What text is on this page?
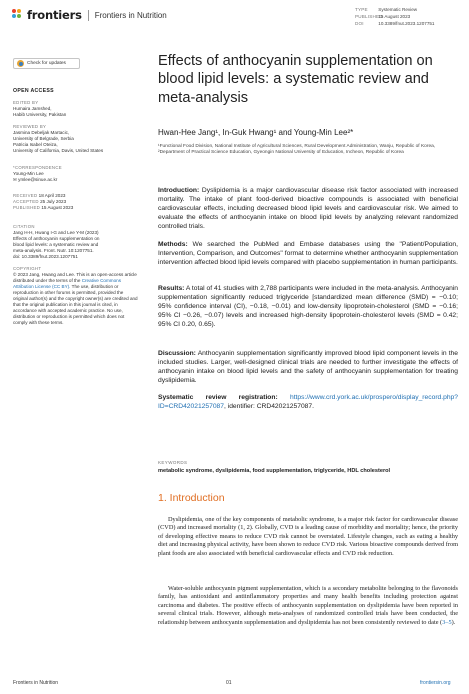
frontiers Frontiers in Nutrition
TYPE Systematic Review
PUBLISHED 15 August 2023
DOI	10.3389/fnut.2023.1207751
Check for updates
OPEN ACCESS
EDITED BY
Humaira Jamshed,
Habib University, Pakistan
REVIEWED BY
Jasmina Debeljak Martacic,
University of Belgrade, Serbia
Patricia Isabel Oteiza,
University of California, Davis, United States
*CORRESPONDENCE
Young-Min Lee
✉ ymlee@sinue.ac.kr
RECEIVED 18 April 2023
ACCEPTED 25 July 2023
PUBLISHED 15 August 2023
CITATION
Jang H-H, Hwang I-G and Lee Y-M (2023)
Effects of anthocyanin supplementation on
blood lipid levels: a systematic review and
meta-analysis. Front. Nutr. 10:1207751.
doi: 10.3389/fnut.2023.1207751
COPYRIGHT
© 2023 Jang, Hwang and Lee. This is an open-access article distributed under the terms of the Creative Commons Attribution License (CC BY). The use, distribution or reproduction in other forums is permitted, provided the original author(s) and the copyright owner(s) are credited and that the original publication in this journal is cited, in accordance with accepted academic practice. No use, distribution or reproduction is permitted which does not comply with these terms.
Effects of anthocyanin supplementation on blood lipid levels: a systematic review and meta-analysis
Hwan-Hee Jang¹, In-Guk Hwang¹ and Young-Min Lee²*
¹Functional Food Division, National Institute of Agricultural Sciences, Rural Development Administration, Wanju, Republic of Korea, ²Department of Practical Science Education, Gyeongin National University of Education, Incheon, Republic of Korea
Introduction: Dyslipidemia is a major cardiovascular disease risk factor associated with increased mortality. The intake of plant food-derived bioactive compounds is associated with beneficial cardiovascular effects, including decreased blood lipid levels and cardiovascular risk. We aimed to evaluate the effects of anthocyanin intake on blood lipid levels by analyzing relevant randomized controlled trials.
Methods: We searched the PubMed and Embase databases using the "Patient/Population, Intervention, Comparison, and Outcomes" format to determine whether anthocyanin supplementation intervention affected blood lipid levels compared with placebo supplementation in human participants.
Results: A total of 41 studies with 2,788 participants were included in the meta-analysis. Anthocyanin supplementation significantly reduced triglyceride [standardized mean difference (SMD) = −0.10; 95% confidence interval (CI), −0.18, −0.01) and low-density lipoprotein-cholesterol (SMD = −0.16; 95% CI −0.26, −0.07) levels and increased high-density lipoprotein-cholesterol levels (SMD = 0.42; 95% CI 0.20, 0.65).
Discussion: Anthocyanin supplementation significantly improved blood lipid component levels in the included studies. Larger, well-designed clinical trials are needed to further investigate the effects of anthocyanin intake on blood lipid levels and the safety of anthocyanin supplementation for treating dyslipidemia.
Systematic review registration: https://www.crd.york.ac.uk/prospero/display_record.php?ID=CRD42021257087, identifier: CRD42021257087.
KEYWORDS
metabolic syndrome, dyslipidemia, food supplementation, triglyceride, HDL cholesterol
1. Introduction
Dyslipidemia, one of the key components of metabolic syndrome, is a major risk factor for cardiovascular disease (CVD) and increased mortality (1, 2). Globally, CVD is a leading cause of morbidity and mortality; hence, the priority of developing effective means to reduce CVD risk cannot be overstated. Lifestyle changes, such as eating a healthy diet and increasing physical activity, have been shown to reduce CVD risk. Various bioactive compounds derived from plant foods are also associated with beneficial cardiovascular effects and CVD risk reduction.
Water-soluble anthocyanin pigment supplementation, which is a secondary metabolite belonging to the flavonoids family, has antioxidant and antiinflammatory properties and many health benefits including protection against carcinoma and diabetes. The positive effects of anthocyanin supplementation on dyslipidemia have been reported in several clinical trials. However, although meta-analyses of randomized controlled trials have been conducted, the relationship between anthocyanin supplementation and dyslipidemia has not been consistently reviewed to date (3–5).
Frontiers in Nutrition	01	frontiersin.org
